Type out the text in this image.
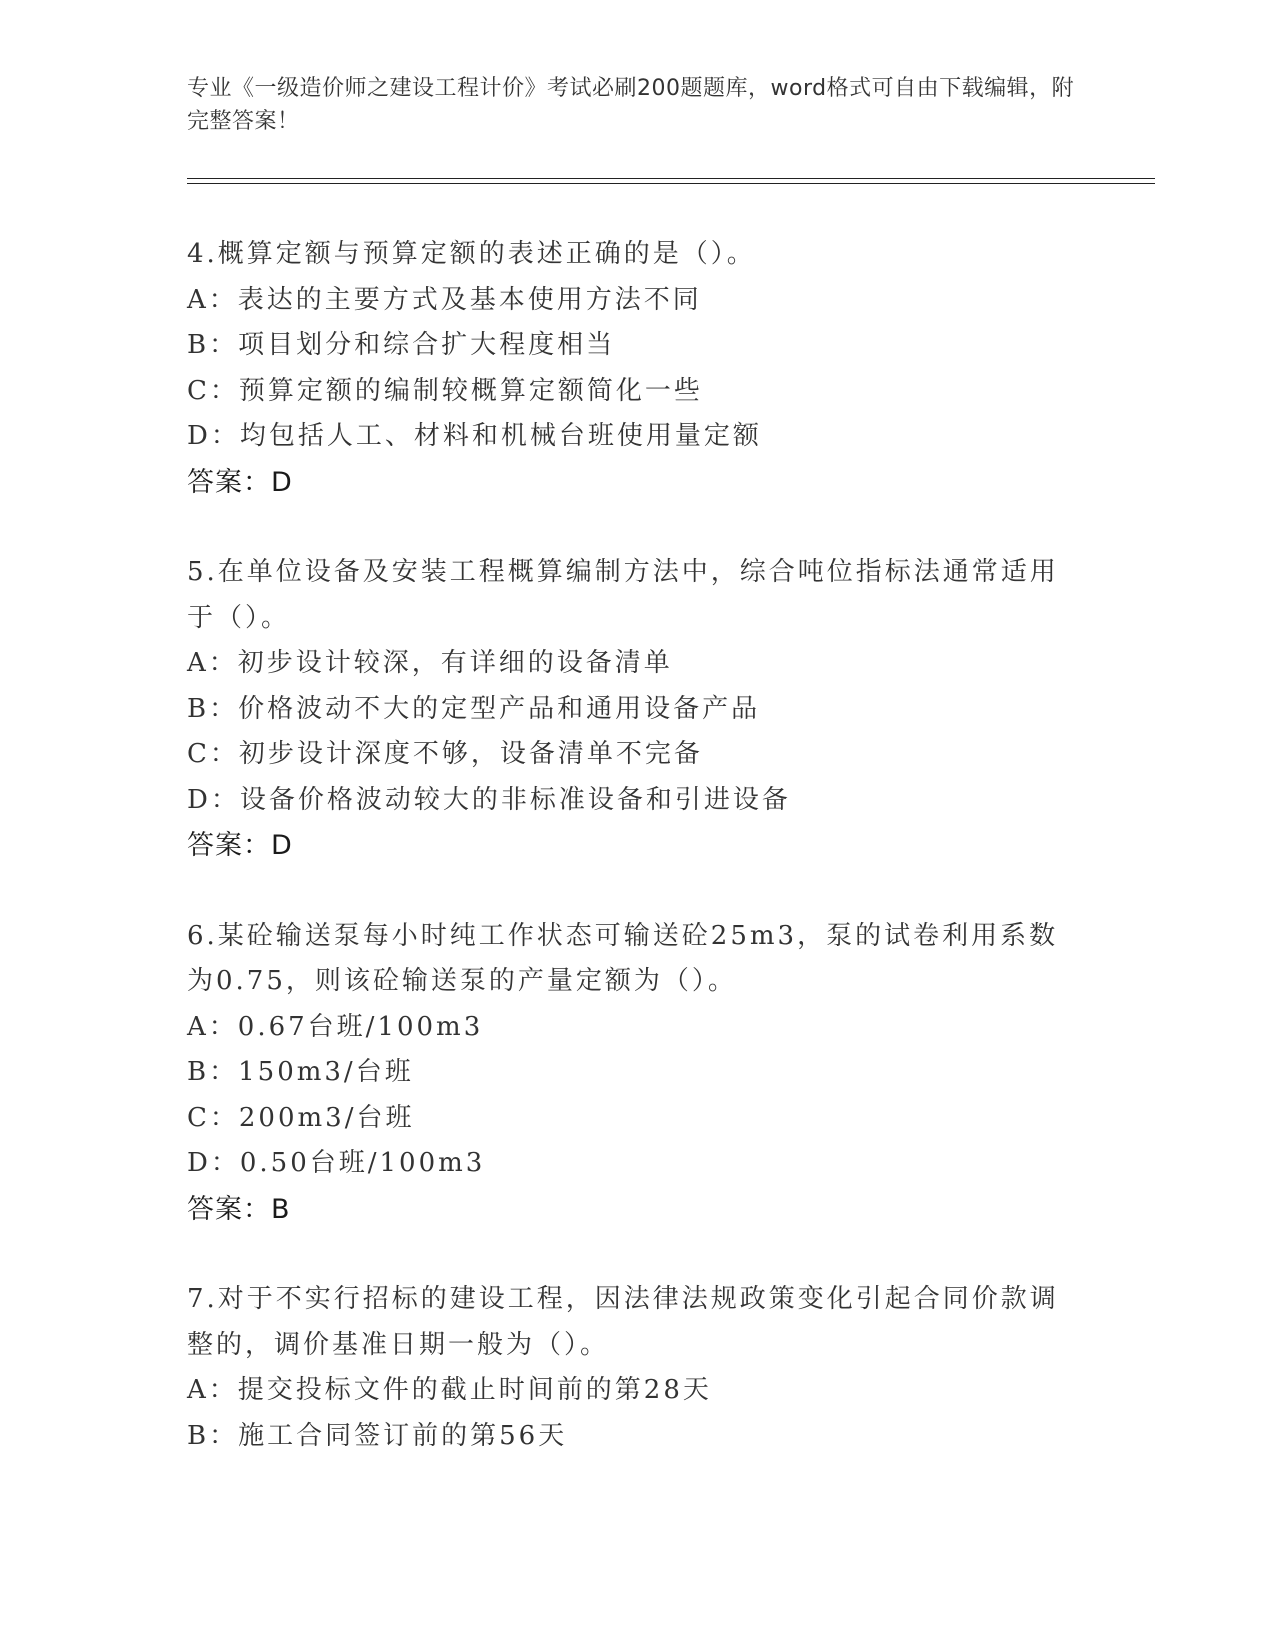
专业《一级造价师之建设工程计价》考试必刷200题题库，word格式可自由下载编辑，附完整答案！

4.概算定额与预算定额的表述正确的是（）。

A：表达的主要方式及基本使用方法不同

B：项目划分和综合扩大程度相当

C：预算定额的编制较概算定额简化一些

D：均包括人工、材料和机械台班使用量定额

答案：D

5.在单位设备及安装工程概算编制方法中，综合吨位指标法通常适用于（）。

A：初步设计较深，有详细的设备清单

B：价格波动不大的定型产品和通用设备产品

C：初步设计深度不够，设备清单不完备

D：设备价格波动较大的非标准设备和引进设备

答案：D

6.某砼输送泵每小时纯工作状态可输送砼25m3，泵的试卷利用系数为0.75，则该砼输送泵的产量定额为（）。

A：0.67台班/100m3

B：150m3/台班

C：200m3/台班

D：0.50台班/100m3

答案：B

7.对于不实行招标的建设工程，因法律法规政策变化引起合同价款调整的，调价基准日期一般为（）。

A：提交投标文件的截止时间前的第28天

B：施工合同签订前的第56天
